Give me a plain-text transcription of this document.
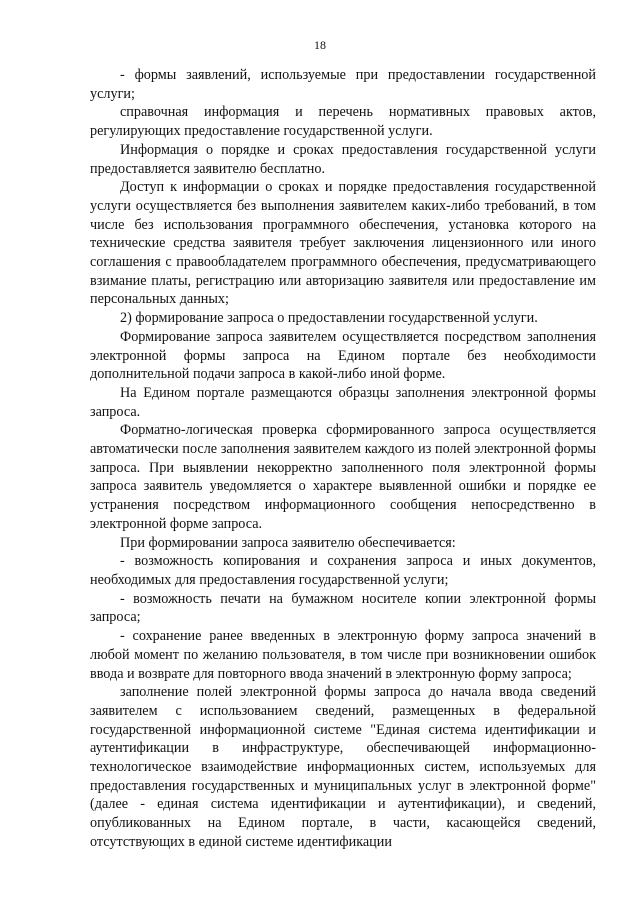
18

- формы заявлений, используемые при предоставлении государственной услуги;

справочная информация и перечень нормативных правовых актов, регулирующих предоставление государственной услуги.

Информация о порядке и сроках предоставления государственной услуги предоставляется заявителю бесплатно.

Доступ к информации о сроках и порядке предоставления государственной услуги осуществляется без выполнения заявителем каких-либо требований, в том числе без использования программного обеспечения, установка которого на технические средства заявителя требует заключения лицензионного или иного соглашения с правообладателем программного обеспечения, предусматривающего взимание платы, регистрацию или авторизацию заявителя или предоставление им персональных данных;

2) формирование запроса о предоставлении государственной услуги.

Формирование запроса заявителем осуществляется посредством заполнения электронной формы запроса на Едином портале без необходимости дополнительной подачи запроса в какой-либо иной форме.

На Едином портале размещаются образцы заполнения электронной формы запроса.

Форматно-логическая проверка сформированного запроса осуществляется автоматически после заполнения заявителем каждого из полей электронной формы запроса. При выявлении некорректно заполненного поля электронной формы запроса заявитель уведомляется о характере выявленной ошибки и порядке ее устранения посредством информационного сообщения непосредственно в электронной форме запроса.

При формировании запроса заявителю обеспечивается:

- возможность копирования и сохранения запроса и иных документов, необходимых для предоставления государственной услуги;

- возможность печати на бумажном носителе копии электронной формы запроса;

- сохранение ранее введенных в электронную форму запроса значений в любой момент по желанию пользователя, в том числе при возникновении ошибок ввода и возврате для повторного ввода значений в электронную форму запроса;

заполнение полей электронной формы запроса до начала ввода сведений заявителем с использованием сведений, размещенных в федеральной государственной информационной системе "Единая система идентификации и аутентификации в инфраструктуре, обеспечивающей информационно-технологическое взаимодействие информационных систем, используемых для предоставления государственных и муниципальных услуг в электронной форме" (далее - единая система идентификации и аутентификации), и сведений, опубликованных на Едином портале, в части, касающейся сведений, отсутствующих в единой системе идентификации
